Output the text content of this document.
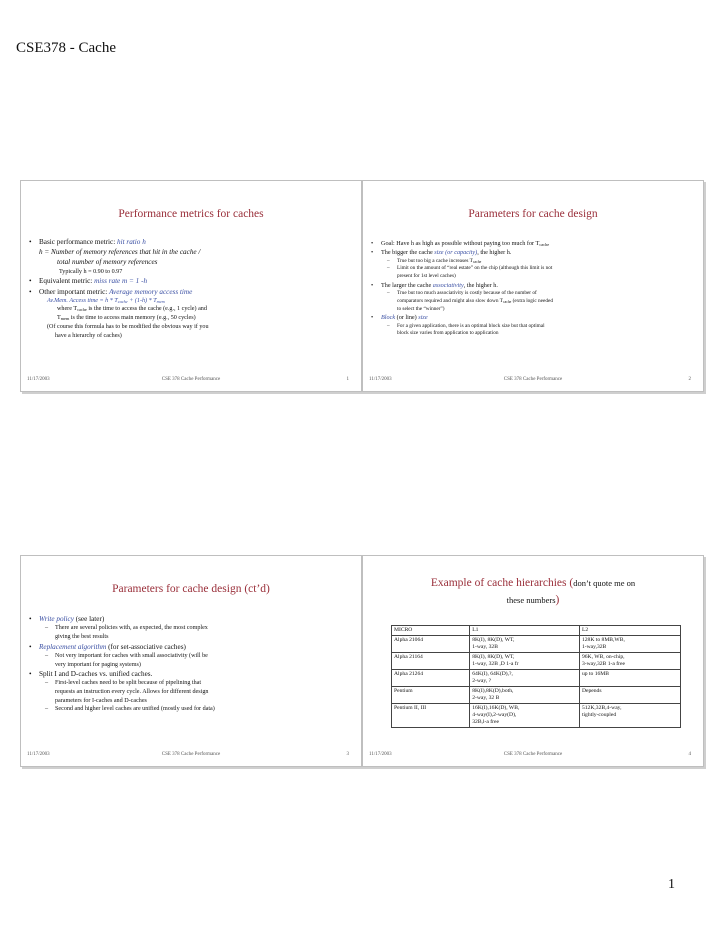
CSE378 - Cache
Performance metrics for caches
• Basic performance metric: hit ratio h
h = Number of memory references that hit in the cache /
total number of memory references
Typically h = 0.90 to 0.97
• Equivalent metric: miss rate m = 1 -h
• Other important metric: Average memory access time
Av.Mem. Access time = $h * T_{cache} + (1-h) * T_{mem}$
where $T_{cache}$ is the time to access the cache (e.g., 1 cycle) and
$T_{mem}$ is the time to access main memory (e.g., 50 cycles)
(Of course this formula has to be modified the obvious way if you
have a hierarchy of caches)
11/17/2003	CSE 378 Cache Performance	1
Parameters for cache design
• Goal: Have h as high as possible without paying too much for $T_{cache}$
• The bigger the cache size (or capacity), the higher h.
– True but too big a cache increases $T_{cache}$
– Limit on the amount of “real estate” on the chip (although this limit is not
present for 1st level caches)
• The larger the cache associativity, the higher h.
– True but too much associativity is costly because of the number of
comparators required and might also slow down $T_{cache}$ (extra logic needed
to select the “winner”)
• Block (or line) size
– For a given application, there is an optimal block size but that optimal
block size varies from application to application
11/17/2003	CSE 378 Cache Performance	2
Parameters for cache design (ct’d)
• Write policy (see later)
– There are several policies with, as expected, the most complex
giving the best results
• Replacement algorithm (for set-associative caches)
– Not very important for caches with small associativity (will be
very important for paging systems)
• Split I and D-caches vs. unified caches.
– First-level caches need to be split because of pipelining that
requests an instruction every cycle. Allows for different design
parameters for I-caches and D-caches
– Second and higher level caches are unified (mostly used for data)
11/17/2003	CSE 378 Cache Performance	3
Example of cache hierarchies (don’t quote me on
these numbers)
MICRO	L1	L2
Alpha 21064	8K(I), 8K(D), WT,
1-way, 32B	128K to 8MB,WB,
1-way,32B
Alpha 21164	8K(I), 8K(D), WT,
1-way, 32B ,D 1-a fr	96K, WB, on-chip,
3-way,32B 1-a free
Alpha 21264	64K(I), 64K(D),?,
2-way, ?	up to 16MB
Pentium	8K(I),8K(D),both,
2-way, 32 B	Depends
Pentium II, III	16K(I),16K(D), WB,
4-way(I),2-way(D),
32B,l-a free	512K,32B,4-way,
tightly-coupled
11/17/2003	CSE 378 Cache Performance	4
1
